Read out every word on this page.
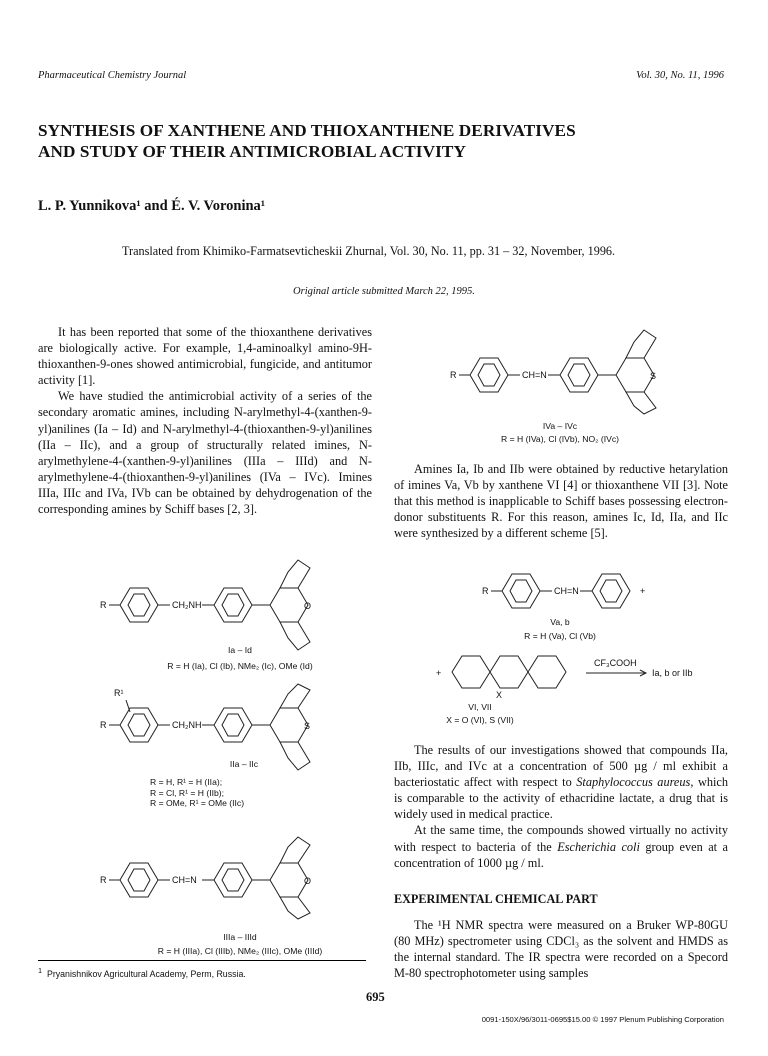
Pharmaceutical Chemistry Journal	Vol. 30, No. 11, 1996
SYNTHESIS OF XANTHENE AND THIOXANTHENE DERIVATIVES
AND STUDY OF THEIR ANTIMICROBIAL ACTIVITY
L. P. Yunnikova¹ and É. V. Voronina¹
Translated from Khimiko-Farmatsevticheskii Zhurnal, Vol. 30, No. 11, pp. 31 – 32, November, 1996.
Original article submitted March 22, 1995.

It has been reported that some of the thioxanthene derivatives are biologically active. For example, 1,4-aminoalkyl amino-9H-thioxanthen-9-ones showed antimicrobial, fungicide, and antitumor activity [1].

We have studied the antimicrobial activity of a series of the secondary aromatic amines, including N-arylmethyl-4-(xanthen-9-yl)anilines (Ia – Id) and N-arylmethyl-4-(thioxanthen-9-yl)anilines (IIa – IIc), and a group of structurally related imines, N-arylmethylene-4-(xanthen-9-yl)anilines (IIIa – IIId) and N-arylmethylene-4-(thioxanthen-9-yl)anilines (IVa – IVc). Imines IIIa, IIIc and IVa, IVb can be obtained by dehydrogenation of the corresponding amines by Schiff bases [2, 3].

R	CH₂NH	O
Ia – Id
R = H (Ia), Cl (Ib), NMe₂ (Ic), OMe (Id)
R¹
R	CH₂NH	S
IIa – IIc
R = H, R¹ = H (IIa);
R = Cl, R¹ = H (IIb);
R = OMe, R¹ = OMe (IIc)
R	CH=N	O
IIIa – IIId
R = H (IIIa), Cl (IIIb), NMe₂ (IIIc), OMe (IIId)
$^1$ Pryanishnikov Agricultural Academy, Perm, Russia.
R	CH=N	S
IVa – IVc
R = H (IVa), Cl (IVb), NO₂ (IVc)

Amines Ia, Ib and IIb were obtained by reductive hetarylation of imines Va, Vb by xanthene VI [4] or thioxanthene VII [3]. Note that this method is inapplicable to Schiff bases possessing electron-donor substituents R. For this reason, amines Ic, Id, IIa, and IIc were synthesized by a different scheme [5].

R	CH=N	+
Va, b
R = H (Va), Cl (Vb)
+
X
CF₃COOH
Ia, b or IIb
VI, VII
X = O (VI), S (VII)

The results of our investigations showed that compounds IIa, IIb, IIIc, and IVc at a concentration of 500 µg / ml exhibit a bacteriostatic affect with respect to Staphylococcus aureus, which is comparable to the activity of ethacridine lactate, a drug that is widely used in medical practice.

At the same time, the compounds showed virtually no activity with respect to bacteria of the Escherichia coli group even at a concentration of 1000 µg / ml.

EXPERIMENTAL CHEMICAL PART

The ¹H NMR spectra were measured on a Bruker WP-80GU (80 MHz) spectrometer using CDCl₃ as the solvent and HMDS as the internal standard. The IR spectra were recorded on a Specord M-80 spectrophotometer using samples

695
0091-150X/96/3011-0695$15.00 © 1997 Plenum Publishing Corporation
